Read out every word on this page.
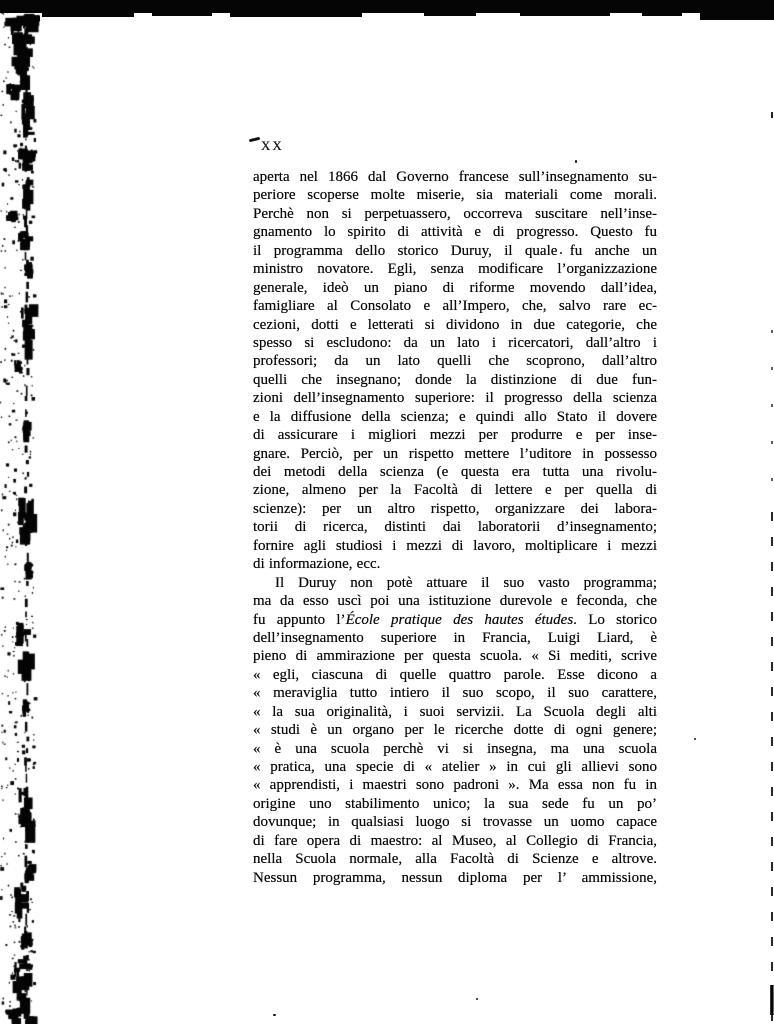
XX
aperta nel 1866 dal Governo francese sull’insegnamento su-
periore scoperse molte miserie, sia materiali come morali.
Perchè non si perpetuassero, occorreva suscitare nell’inse-
gnamento lo spirito di attività e di progresso. Questo fu
il programma dello storico Duruy, il quale fu anche un
ministro novatore. Egli, senza modificare l’organizzazione
generale, ideò un piano di riforme movendo dall’idea,
famigliare al Consolato e all’Impero, che, salvo rare ec-
cezioni, dotti e letterati si dividono in due categorie, che
spesso si escludono: da un lato i ricercatori, dall’altro i
professori; da un lato quelli che scoprono, dall’altro
quelli che insegnano; donde la distinzione di due fun-
zioni dell’insegnamento superiore: il progresso della scienza
e la diffusione della scienza; e quindi allo Stato il dovere
di assicurare i migliori mezzi per produrre e per inse-
gnare. Perciò, per un rispetto mettere l’uditore in possesso
dei metodi della scienza (e questa era tutta una rivolu-
zione, almeno per la Facoltà di lettere e per quella di
scienze): per un altro rispetto, organizzare dei labora-
torii di ricerca, distinti dai laboratorii d’insegnamento;
fornire agli studiosi i mezzi di lavoro, moltiplicare i mezzi
di informazione, ecc.
Il Duruy non potè attuare il suo vasto programma;
ma da esso uscì poi una istituzione durevole e feconda, che
fu appunto l’École pratique des hautes études. Lo storico
dell’insegnamento superiore in Francia, Luigi Liard, è
pieno di ammirazione per questa scuola. « Si mediti, scrive
« egli, ciascuna di quelle quattro parole. Esse dicono a
« meraviglia tutto intiero il suo scopo, il suo carattere,
« la sua originalità, i suoi servizii. La Scuola degli alti
« studi è un organo per le ricerche dotte di ogni genere;
« è una scuola perchè vi si insegna, ma una scuola
« pratica, una specie di « atelier » in cui gli allievi sono
« apprendisti, i maestri sono padroni ». Ma essa non fu in
origine uno stabilimento unico; la sua sede fu un po’
dovunque; in qualsiasi luogo si trovasse un uomo capace
di fare opera di maestro: al Museo, al Collegio di Francia,
nella Scuola normale, alla Facoltà di Scienze e altrove.
Nessun programma, nessun diploma per l’ ammissione,
